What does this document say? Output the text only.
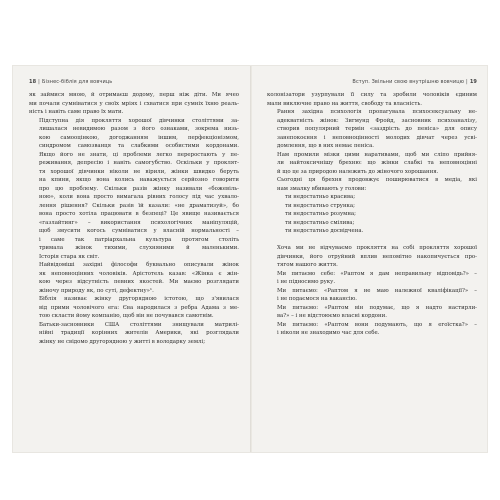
18 | Бізнес-біблія для вовчиць
як займися мною, й отримаєш додому, перш ніж діти. Ми ячео
ми почали сумніватися у своїх мріях і схватися при сумніх їхню реаль-
ність і навіть саме право їх мати.
Підступна дія прокляття хорошої дівчинки століттями за-
лишалася невидимою разом з його ознаками, зокрема низь-
кою самооцінкою, догоджанням іншим, перфекціонізмом,
синдромом самозванця та слабкими особистими кордонами.
Якщо його не знати, ці проблеми легко переростають у пе-
реживання, депресію і навіть самогубство. Оскільки у проклят-
тя хорошої дівчинки ніколи не вірили, жінки швидко беруть
на кпини, якщо вона колись наважується серйозно говорити
про цю проблему. Скільки разів жінку називали «божевіль-
ною», коли вона просто вимагала рівних голосу під час ухвало-
лення рішення? Скільки разів їй казали: «не драматизуй», бо
вона просто хотіла працювати в безпеці? Це явище називається
«газлайтинг» – використання психологічних маніпуляцій,
щоб змусити когось сумніватися у власній нормальності –
і саме так патріархальна культура протягом століть
тримала жінок тихими, слухняними й маленькими.
Історія стара як світ.
Найвідоміші західні філософи буквально описували жінок
як неповноцінних чоловіків. Арістотель казав: «Жінка є жін-
кою через відсутність певних якостей. Ми маємо розглядати
жіночу природу як, по суті, дефектну»¹.
Біблія називає жінку другорядною істотою, що з'явилася
від прими чоловічого ега: Єва народилася з ребра Адама з ме-
тою скласти йому компанію, щоб він не почувався самотнім.
Батьки-засновники США століттями знищували матрилі-
нійні традиції корінних жителів Америки, які розглядали
жінку не свідомо другорядною у житті в володарку землі;
Вступ. Звільни свою внутрішню вовчицю | 19
колонізатори узурпували її силу та зробили чоловіків єдиним
мали виключне право на життя, свободу та власність.
Рання західна психологія пропагувала психосексуальну не-
адекватність жінок: Зигмунд Фройд, засновник психоаналізу,
створив популярний термін «заздрість до пеніса» для опису
занепокоєння і неповноцінності молодих дівчат через усві-
домлення, що в них немає пеніса.
Нам промили мізки цими наративами, щоб ми сліпо прийня-
ли найтоксичнішу брехню: що жінки слабкі та неповноцінні
й що це за природою належить до жіночого хорошання.
Сьогодні ця брехня продовжує поширюватися в медіа, які
нам змалку вбивають у голови:
ти недостатньо красива;
ти недостатньо струнка;
ти недостатньо розумна;
ти недостатньо смілива;
ти недостатньо досвідчена.
Хоча ми не відчуваємо прокляття на собі прокляття хорошої
дівчинки, його отруйний вплив непомітно накопичується про-
тягом нашого життя.
Ми питаємо себе: «Раптом я дам неправильну відповідь?» –
і не підносимо руку.
Ми питаємо: «Раптом я не маю належної кваліфікації?» –
і не подаємося на вакансію.
Ми питаємо: «Раптом він подумає, що я надто настирли-
ва?» – і не відстоюємо власні кордони.
Ми питаємо: «Раптом вони подумають, що я егоїстка?» –
і ніколи не знаходимо час для себе.
